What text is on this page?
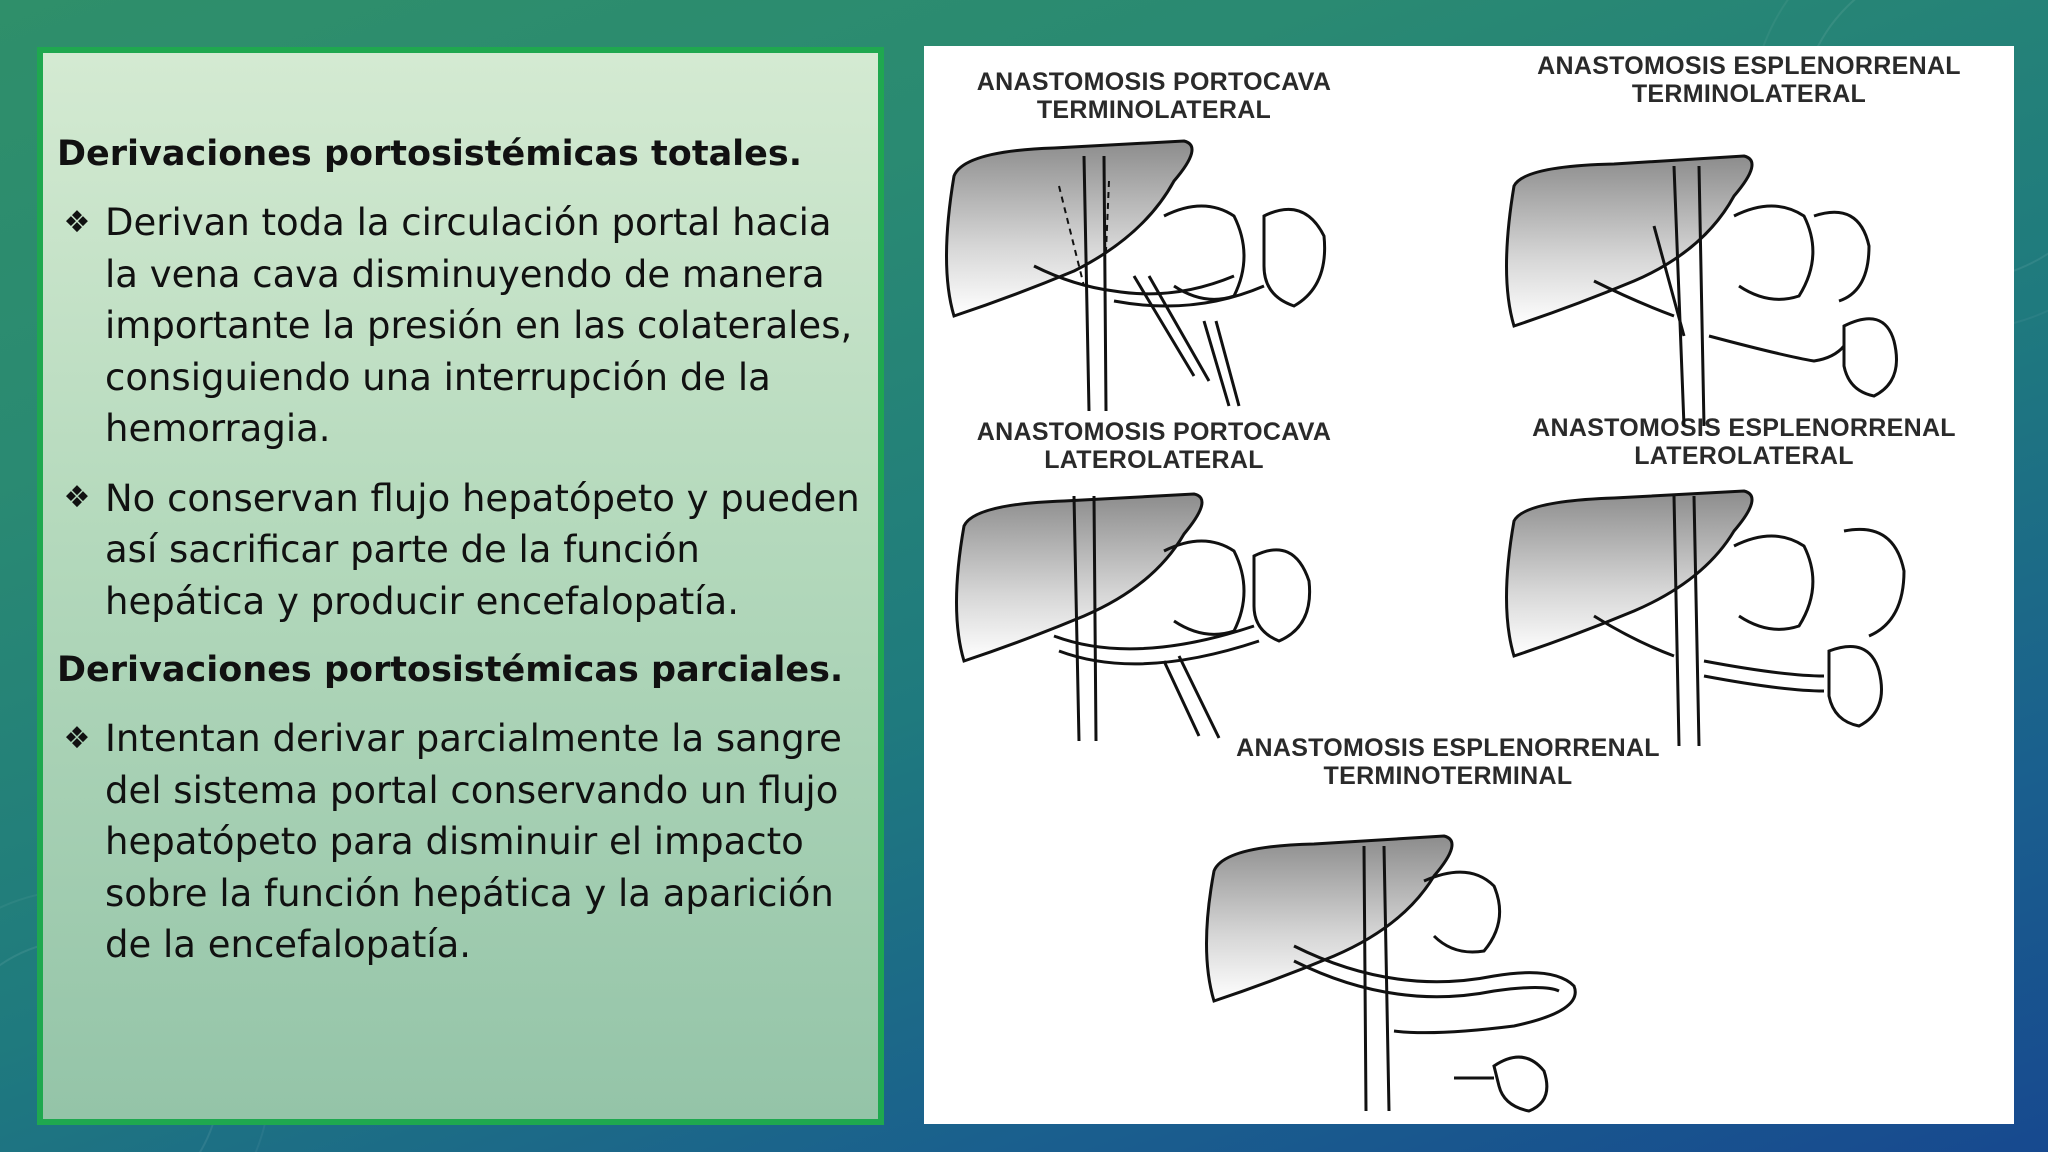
Derivaciones portosistémicas totales.
❖ Derivan toda la circulación portal hacia la vena cava disminuyendo de manera importante la presión en las colaterales, consiguiendo una interrupción de la hemorragia.
❖ No conservan flujo hepatópeto y pueden así sacrificar parte de la función hepática y producir encefalopatía.
Derivaciones portosistémicas parciales.
❖ Intentan derivar parcialmente la sangre del sistema portal conservando un flujo hepatópeto para disminuir el impacto sobre la función hepática y la aparición de la encefalopatía.
ANASTOMOSIS PORTOCAVA
TERMINOLATERAL
ANASTOMOSIS ESPLENORRENAL
TERMINOLATERAL
ANASTOMOSIS PORTOCAVA
LATEROLATERAL
ANASTOMOSIS ESPLENORRENAL
LATEROLATERAL
ANASTOMOSIS ESPLENORRENAL
TERMINOTERMINAL
